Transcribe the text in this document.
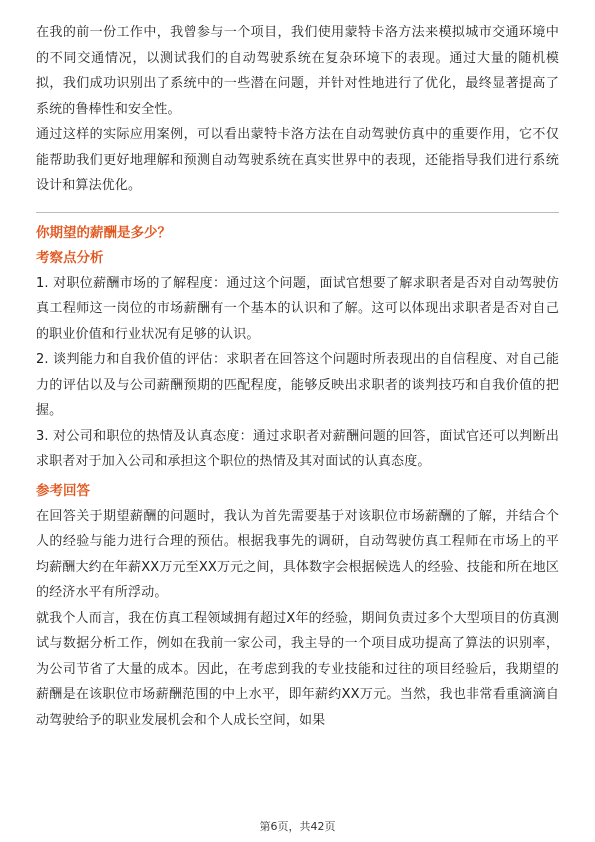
在我的前一份工作中，我曾参与一个项目，我们使用蒙特卡洛方法来模拟城市交通环境中的不同交通情况，以测试我们的自动驾驶系统在复杂环境下的表现。通过大量的随机模拟，我们成功识别出了系统中的一些潜在问题，并针对性地进行了优化，最终显著提高了系统的鲁棒性和安全性。

通过这样的实际应用案例，可以看出蒙特卡洛方法在自动驾驶仿真中的重要作用，它不仅能帮助我们更好地理解和预测自动驾驶系统在真实世界中的表现，还能指导我们进行系统设计和算法优化。

你期望的薪酬是多少？

考察点分析

1. 对职位薪酬市场的了解程度：通过这个问题，面试官想要了解求职者是否对自动驾驶仿真工程师这一岗位的市场薪酬有一个基本的认识和了解。这可以体现出求职者是否对自己的职业价值和行业状况有足够的认识。

2. 谈判能力和自我价值的评估：求职者在回答这个问题时所表现出的自信程度、对自己能力的评估以及与公司薪酬预期的匹配程度，能够反映出求职者的谈判技巧和自我价值的把握。

3. 对公司和职位的热情及认真态度：通过求职者对薪酬问题的回答，面试官还可以判断出求职者对于加入公司和承担这个职位的热情及其对面试的认真态度。

参考回答

在回答关于期望薪酬的问题时，我认为首先需要基于对该职位市场薪酬的了解，并结合个人的经验与能力进行合理的预估。根据我事先的调研，自动驾驶仿真工程师在市场上的平均薪酬大约在年薪XX万元至XX万元之间，具体数字会根据候选人的经验、技能和所在地区的经济水平有所浮动。

就我个人而言，我在仿真工程领域拥有超过X年的经验，期间负责过多个大型项目的仿真测试与数据分析工作，例如在我前一家公司，我主导的一个项目成功提高了算法的识别率，为公司节省了大量的成本。因此，在考虑到我的专业技能和过往的项目经验后，我期望的薪酬是在该职位市场薪酬范围的中上水平，即年薪约XX万元。当然，我也非常看重滴滴自动驾驶给予的职业发展机会和个人成长空间，如果

第6页，共42页
